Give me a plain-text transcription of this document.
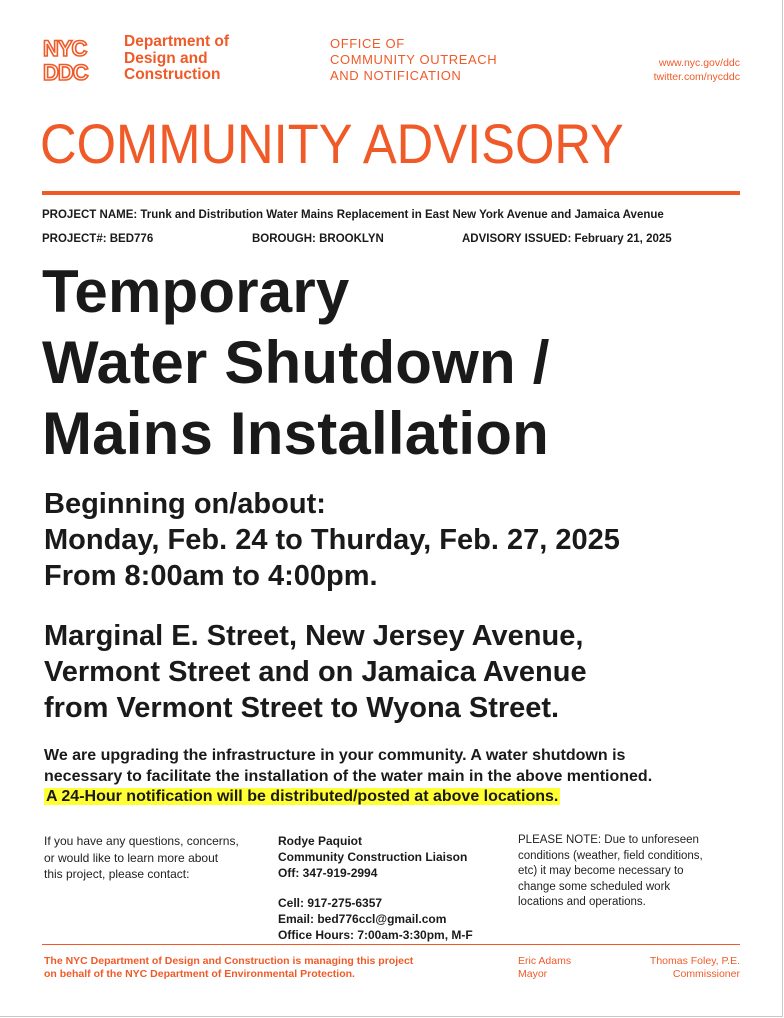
NYC
DDC
Department of
Design and
Construction
OFFICE OF
COMMUNITY OUTREACH
AND NOTIFICATION
www.nyc.gov/ddc
twitter.com/nycddc
COMMUNITY ADVISORY
PROJECT NAME: Trunk and Distribution Water Mains Replacement in East New York Avenue and Jamaica Avenue
PROJECT#: BED776	BOROUGH: BROOKLYN	ADVISORY ISSUED: February 21, 2025
Temporary
Water Shutdown /
Mains Installation
Beginning on/about:
Monday, Feb. 24 to Thurday, Feb. 27, 2025
From 8:00am to 4:00pm.
Marginal E. Street, New Jersey Avenue,
Vermont Street and on Jamaica Avenue
from Vermont Street to Wyona Street.
We are upgrading the infrastructure in your community. A water shutdown is
necessary to facilitate the installation of the water main in the above mentioned.
A 24-Hour notification will be distributed/posted at above locations.
If you have any questions, concerns,
or would like to learn more about
this project, please contact:
Rodye Paquiot
Community Construction Liaison
Off: 347-919-2994
Cell: 917-275-6357
Email: bed776ccl@gmail.com
Office Hours: 7:00am-3:30pm, M-F
PLEASE NOTE: Due to unforeseen
conditions (weather, field conditions,
etc) it may become necessary to
change some scheduled work
locations and operations.
The NYC Department of Design and Construction is managing this project
on behalf of the NYC Department of Environmental Protection.
Eric Adams
Mayor
Thomas Foley, P.E.
Commissioner
